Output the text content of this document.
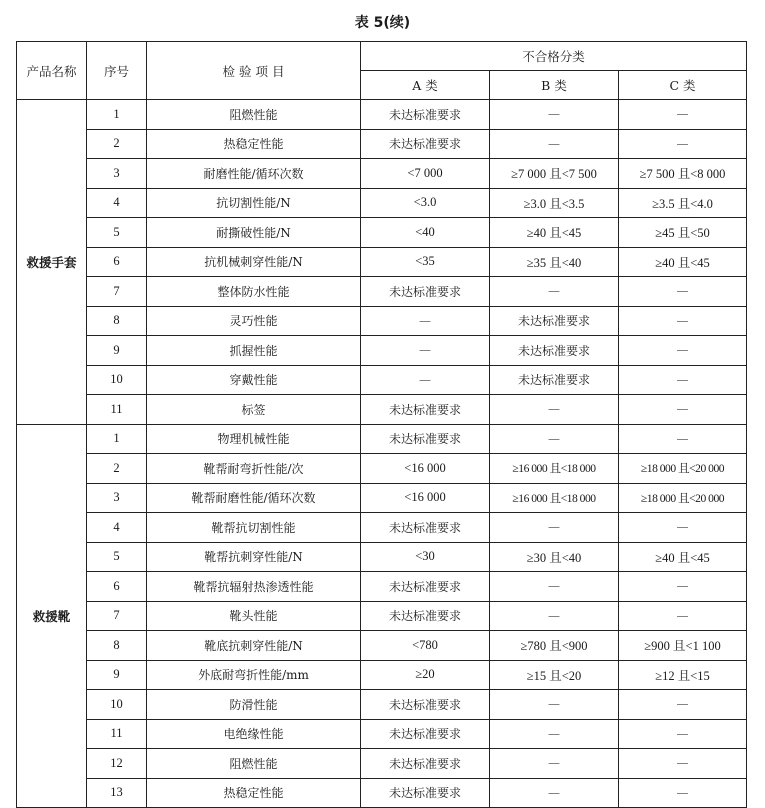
表 5(续)
产品名称	序号	检 验 项 目	不合格分类		
			A 类	B 类	C 类
救援手套	1	阻燃性能	未达标准要求	—	—
	2	热稳定性能	未达标准要求	—	—
	3	耐磨性能/循环次数	<7 000	≥7 000 且<7 500	≥7 500 且<8 000
	4	抗切割性能/N	<3.0	≥3.0 且<3.5	≥3.5 且<4.0
	5	耐撕破性能/N	<40	≥40 且<45	≥45 且<50
	6	抗机械刺穿性能/N	<35	≥35 且<40	≥40 且<45
	7	整体防水性能	未达标准要求	—	—
	8	灵巧性能	—	未达标准要求	—
	9	抓握性能	—	未达标准要求	—
	10	穿戴性能	—	未达标准要求	—
	11	标签	未达标准要求	—	—
救援靴	1	物理机械性能	未达标准要求	—	—
	2	靴帮耐弯折性能/次	<16 000	≥16 000 且<18 000	≥18 000 且<20 000
	3	靴帮耐磨性能/循环次数	<16 000	≥16 000 且<18 000	≥18 000 且<20 000
	4	靴帮抗切割性能	未达标准要求	—	—
	5	靴帮抗刺穿性能/N	<30	≥30 且<40	≥40 且<45
	6	靴帮抗辐射热渗透性能	未达标准要求	—	—
	7	靴头性能	未达标准要求	—	—
	8	靴底抗刺穿性能/N	<780	≥780 且<900	≥900 且<1 100
	9	外底耐弯折性能/mm	≥20	≥15 且<20	≥12 且<15
	10	防滑性能	未达标准要求	—	—
	11	电绝缘性能	未达标准要求	—	—
	12	阻燃性能	未达标准要求	—	—
	13	热稳定性能	未达标准要求	—	—
